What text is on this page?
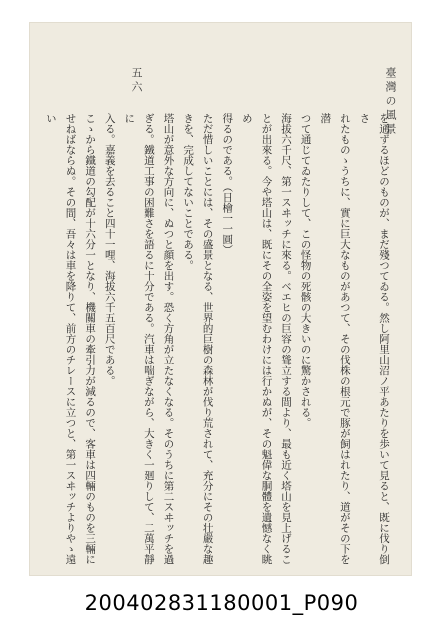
臺灣の風景
五六

を通ずるほどのものが、まだ殘つてゐる。然し阿里山沼ノ平あたりを歩いて見ると、既に伐り倒さ

れたものゝうちに、實に巨大なものがあつて、その伐株の根元で豚が飼はれたり、道がその下を潜

つて通じてゐたりして、この怪物の死骸の大きいのに驚かされる。

海拔六千尺、第一スヰッチに來る。ベエヒの巨容の聳立する間より、最も近く塔山を見上げるこ

とが出來る。今や塔山は、既にその全姿を望むわけには行かぬが、その魁偉な胴體を遺憾なく眺め

得るのである。（日檜一一圓）

ただ惜しいことには、その盛景となる、世界的巨樹の森林が伐り荒されて、充分にその壮嚴な趣

きを、完成してないことである。

塔山が意外な方向に、ぬつと顔を出す。恐く方角が立たなくなる。そのうちに第二スヰッチを過

ぎる。鐵道工事の困難さを語るに十分である。汽車は喘ぎながら、大きく一廻りして、二萬平靜に

入る。嘉義を去ること四十一哩、海拔六千五百尺である。

こゝから鐵道の勾配が十六分一となり、機關車の牽引力が減るので、客車は四輛のものを三輛に

せねばならぬ。その間、吾々は車を降りて、前方のチレースに立つと、第一スヰッチよりやゝ遠い

200402831180001_P090
